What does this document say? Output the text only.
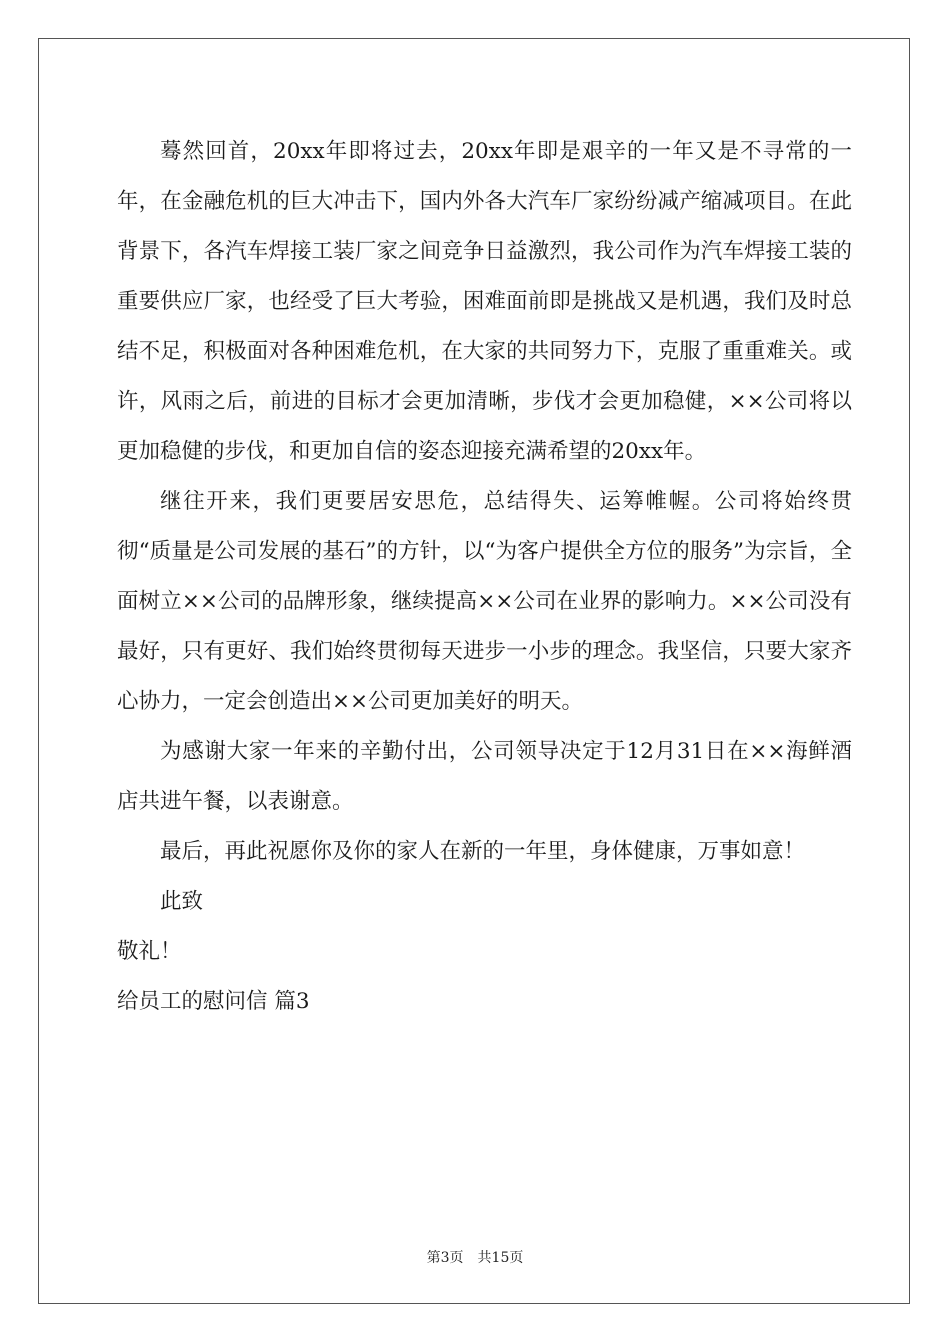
蓦然回首，20xx年即将过去，20xx年即是艰辛的一年又是不寻常的一年，在金融危机的巨大冲击下，国内外各大汽车厂家纷纷减产缩减项目。在此背景下，各汽车焊接工装厂家之间竞争日益激烈，我公司作为汽车焊接工装的重要供应厂家，也经受了巨大考验，困难面前即是挑战又是机遇，我们及时总结不足，积极面对各种困难危机，在大家的共同努力下，克服了重重难关。或许，风雨之后，前进的目标才会更加清晰，步伐才会更加稳健，××公司将以更加稳健的步伐，和更加自信的姿态迎接充满希望的20xx年。

继往开来，我们更要居安思危，总结得失、运筹帷幄。公司将始终贯彻“质量是公司发展的基石”的方针，以“为客户提供全方位的服务”为宗旨，全面树立××公司的品牌形象，继续提高××公司在业界的影响力。××公司没有最好，只有更好、我们始终贯彻每天进步一小步的理念。我坚信，只要大家齐心协力，一定会创造出××公司更加美好的明天。

为感谢大家一年来的辛勤付出，公司领导决定于12月31日在××海鲜酒店共进午餐，以表谢意。

最后，再此祝愿你及你的家人在新的一年里，身体健康，万事如意！

此致

敬礼！

给员工的慰问信 篇3

第3页　共15页
